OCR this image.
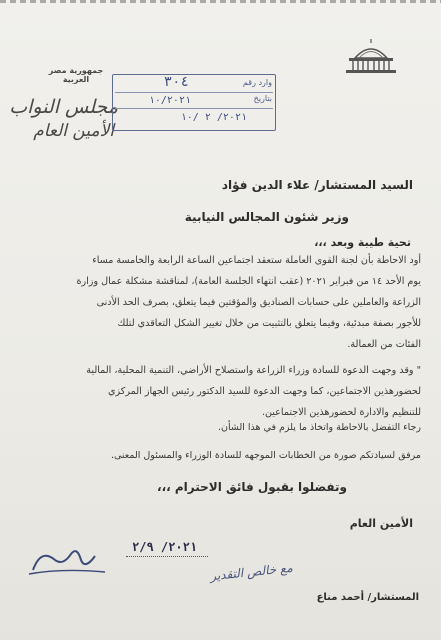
جمهورية مصر العربية
مجلس النواب
الأمين العام
وارد رقم
٣٠٤
بتاريخ
١٠/٢٠٢١
٢٠٢١/ ٢ /١٠
السيد المستشار/ علاء الدين فؤاد
وزير شئون المجالس النيابية
تحية طيبة وبعد ،،،
أود الاحاطة بأن لجنة القوى العاملة ستعقد اجتماعين الساعة الرابعة والخامسة مساء
يوم الأحد ١٤ من فبراير ٢٠٢١ (عقب انتهاء الجلسة العامة)، لمناقشة مشكلة عمال وزارة
الزراعة والعاملين على حسابات الصناديق والمؤقتين فيما يتعلق، بصرف الحد الأدنى
للأجور بصفة مبدئية، وفيما يتعلق بالتثبيت من خلال تغيير الشكل التعاقدي لتلك
الفئات من العمالة.
" وقد وجهت الدعوة للسادة وزراء الزراعة واستصلاح الأراضي، التنمية المحلية، المالية
لحضورهذين الاجتماعين، كما وجهت الدعوة للسيد الدكتور رئيس الجهاز المركزي
للتنظيم والادارة لحضورهذين الاجتماعين.
رجاء التفضل بالاحاطة واتخاذ ما يلزم في هذا الشأن.
مرفق لسيادتكم صورة من الخطابات الموجهه للسادة الوزراء والمسئول المعنى.
وتفضلوا بقبول فائق الاحترام ،،،
الأمين العام
المستشار/ أحمد مناع
٢٠٢١/ ٢/٩
مع خالص التقدير
